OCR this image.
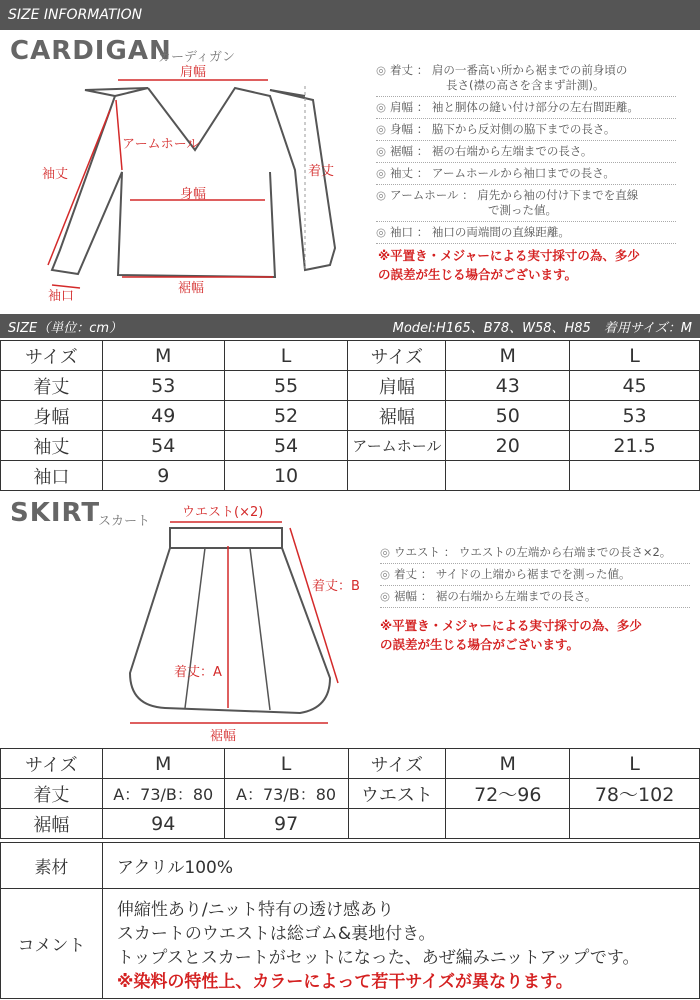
SIZE INFORMATION
CARDIGAN
カーディガン
肩幅
アームホール
袖丈	着丈
身幅
袖口
裾幅
◎ 着丈 ： 肩の一番高い所から裾までの前身頃の
長さ(襟の高さを含まず計測)。
◎ 肩幅 ： 袖と胴体の縫い付け部分の左右間距離。
◎ 身幅 ： 脇下から反対側の脇下までの長さ。
◎ 裾幅 ： 裾の右端から左端までの長さ。
◎ 袖丈 ： アームホールから袖口までの長さ。
◎ アームホール ： 肩先から袖の付け下までを直線
で測った値。
◎ 袖口 ： 袖口の両端間の直線距離。
※平置き・メジャーによる実寸採寸の為、多少
の誤差が生じる場合がございます。
SIZE（単位：cm）	Model:H165、B78、W58、H85　着用サイズ：M
サイズ	M	L	サイズ	M	L
着丈	53	55	肩幅	43	45
身幅	49	52	裾幅	50	53
袖丈	54	54	アームホール	20	21.5
袖口	9	10			
SKIRT
スカート
ウエスト(×2)
着丈：B
着丈：A
裾幅
◎ ウエスト ： ウエストの左端から右端までの長さ×2。
◎ 着丈 ： サイドの上端から裾までを測った値。
◎ 裾幅 ： 裾の右端から左端までの長さ。
※平置き・メジャーによる実寸採寸の為、多少
の誤差が生じる場合がございます。
サイズ	M	L	サイズ	M	L
着丈	A：73/B：80	A：73/B：80	ウエスト	72〜96	78〜102
裾幅	94	97			
素材	アクリル100%
コメント	伸縮性あり/ニット特有の透け感あり
スカートのウエストは総ゴム&裏地付き。
トップスとスカートがセットになった、あぜ編みニットアップです。
※染料の特性上、カラーによって若干サイズが異なります。
